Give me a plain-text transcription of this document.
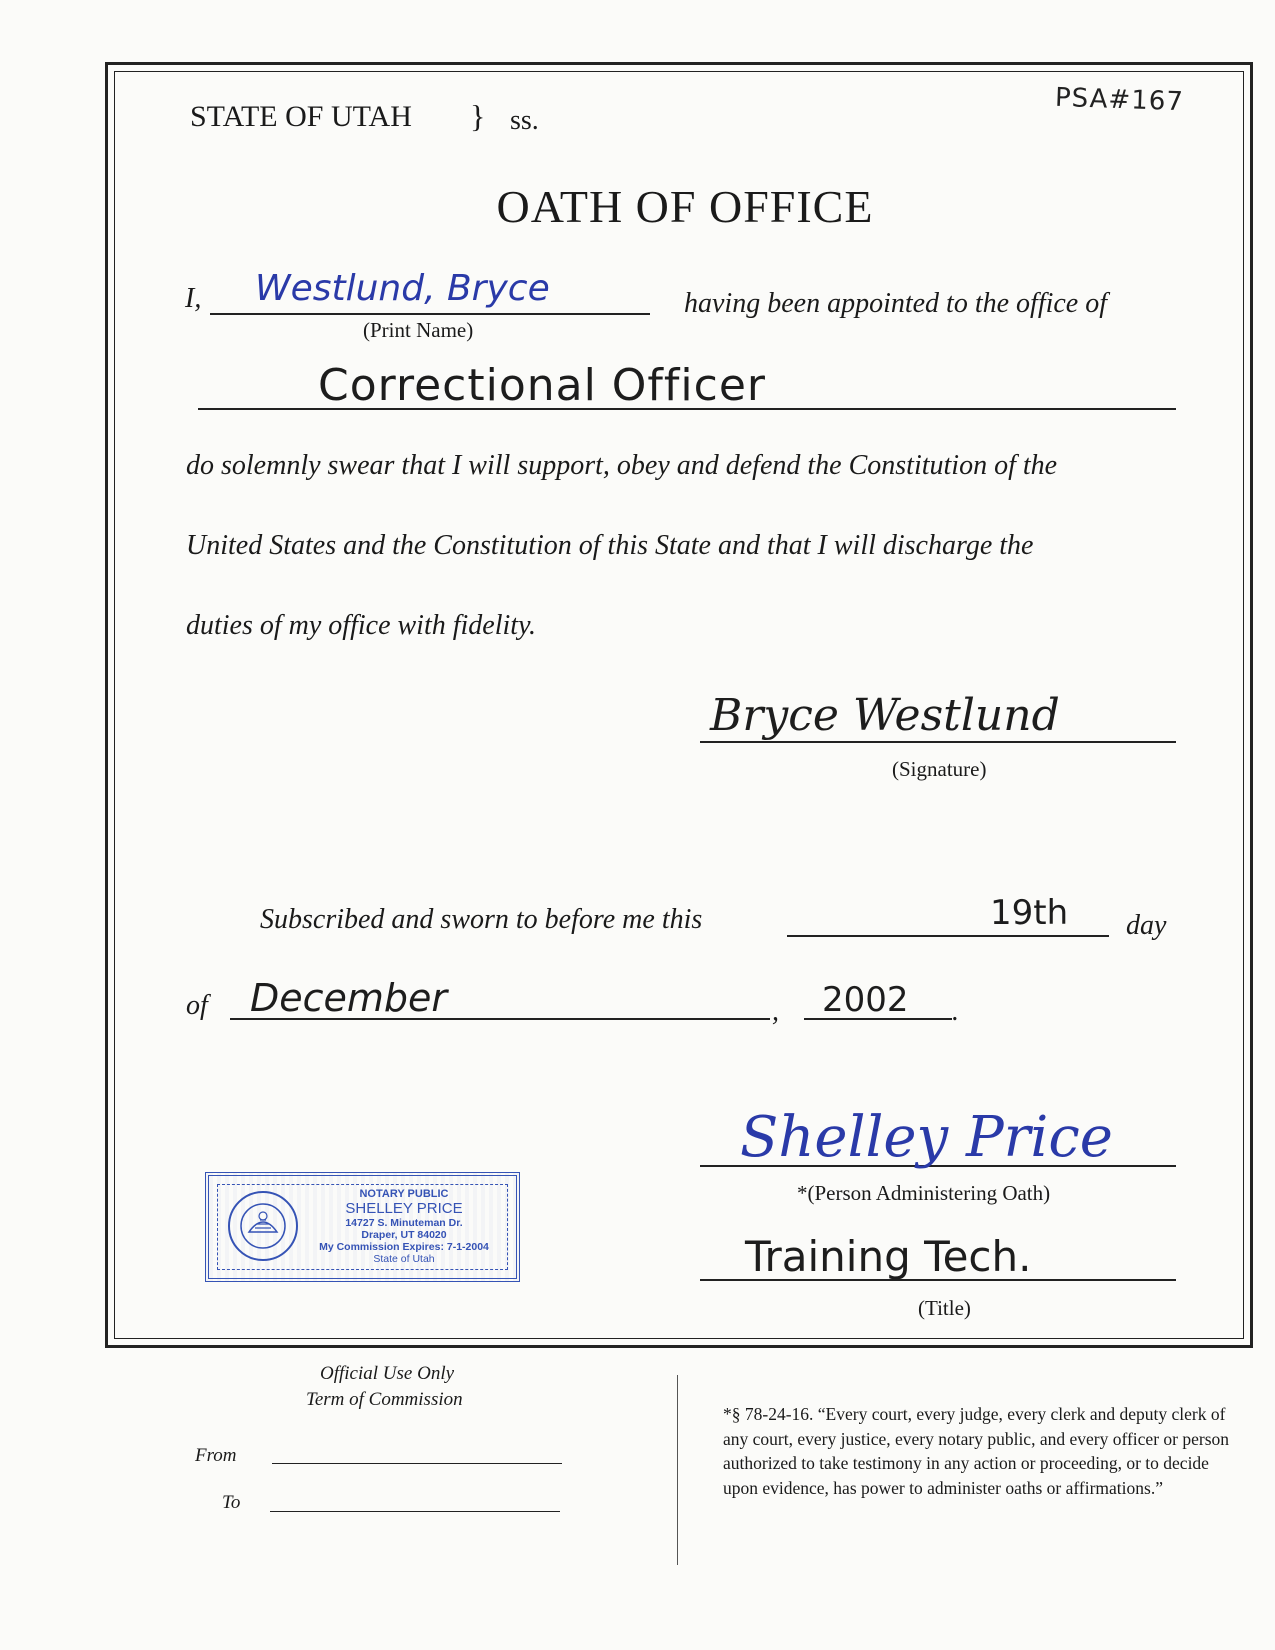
STATE OF UTAH } ss.
PSA#167
OATH OF OFFICE
I, Westlund, Bryce
(Print Name)
having been appointed to the office of
Correctional Officer
do solemnly swear that I will support, obey and defend the Constitution of the
United States and the Constitution of this State and that I will discharge the
duties of my office with fidelity.
Bryce Westlund
(Signature)
Subscribed and sworn to before me this	19th day
of December	, 2002 .
Shelley Price
*(Person Administering Oath)
Training Tech.
(Title)
NOTARY PUBLIC
SHELLEY PRICE
14727 S. Minuteman Dr.
Draper, UT 84020
My Commission Expires: 7-1-2004
State of Utah
Official Use Only
Term of Commission
From
To
*§ 78-24-16. “Every court, every judge, every clerk and deputy clerk of any court, every justice, every notary public, and every officer or person authorized to take testimony in any action or proceeding, or to decide upon evidence, has power to administer oaths or affirmations.”
